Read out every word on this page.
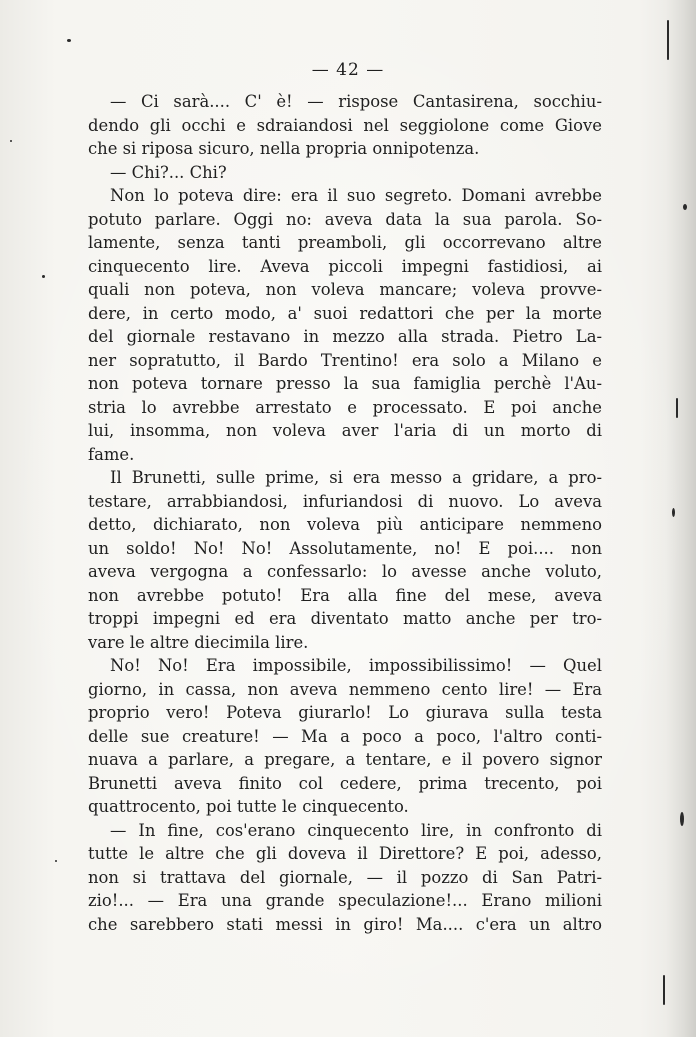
— 42 —
— Ci sarà.... C' è! — rispose Cantasirena, socchiu-
dendo gli occhi e sdraiandosi nel seggiolone come Giove
che si riposa sicuro, nella propria onnipotenza.
— Chi?... Chi?
Non lo poteva dire: era il suo segreto. Domani avrebbe
potuto parlare. Oggi no: aveva data la sua parola. So-
lamente, senza tanti preamboli, gli occorrevano altre
cinquecento lire. Aveva piccoli impegni fastidiosi, ai
quali non poteva, non voleva mancare; voleva provve-
dere, in certo modo, a' suoi redattori che per la morte
del giornale restavano in mezzo alla strada. Pietro La-
ner sopratutto, il Bardo Trentino! era solo a Milano e
non poteva tornare presso la sua famiglia perchè l'Au-
stria lo avrebbe arrestato e processato. E poi anche
lui, insomma, non voleva aver l'aria di un morto di
fame.
Il Brunetti, sulle prime, si era messo a gridare, a pro-
testare, arrabbiandosi, infuriandosi di nuovo. Lo aveva
detto, dichiarato, non voleva più anticipare nemmeno
un soldo! No! No! Assolutamente, no! E poi.... non
aveva vergogna a confessarlo: lo avesse anche voluto,
non avrebbe potuto! Era alla fine del mese, aveva
troppi impegni ed era diventato matto anche per tro-
vare le altre diecimila lire.
No! No! Era impossibile, impossibilissimo! — Quel
giorno, in cassa, non aveva nemmeno cento lire! — Era
proprio vero! Poteva giurarlo! Lo giurava sulla testa
delle sue creature! — Ma a poco a poco, l'altro conti-
nuava a parlare, a pregare, a tentare, e il povero signor
Brunetti aveva finito col cedere, prima trecento, poi
quattrocento, poi tutte le cinquecento.
— In fine, cos'erano cinquecento lire, in confronto di
tutte le altre che gli doveva il Direttore? E poi, adesso,
non si trattava del giornale, — il pozzo di San Patri-
zio!... — Era una grande speculazione!... Erano milioni
che sarebbero stati messi in giro! Ma.... c'era un altro
